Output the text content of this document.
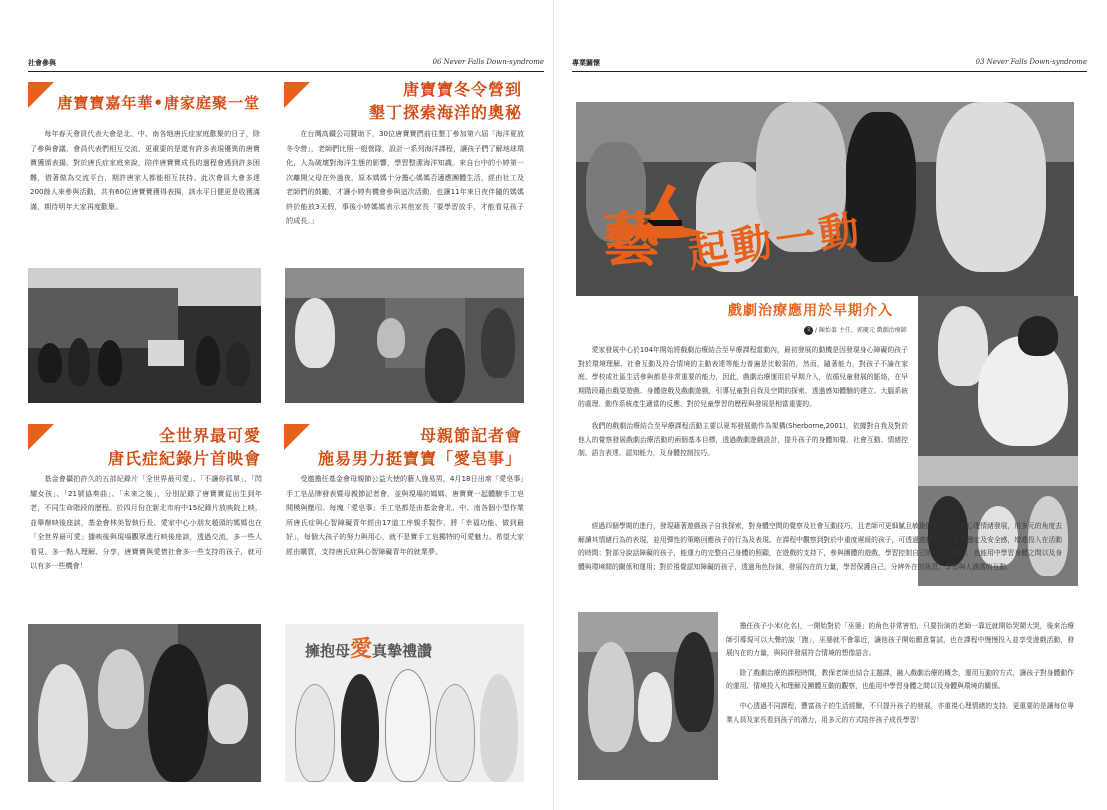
社會參與	06 Never Falls Down-syndrome
唐寶寶嘉年華•唐家庭聚一堂

每年春天會員代表大會是北、中、南各地唐氏症家庭歡聚的日子，除了參與會議、會員代表們相互交流、更重要的是還有許多表現優異的唐寶寶獲頒表揚。對於唐氏症家庭來說，陪伴唐寶寶成長的過程會遇到許多困難，借著做為交流平台，期許唐家人都能相互扶持。此次會員大會多達200餘人來參與活動，共有60位唐寶寶獲得表揚，該水平日健更是收獲滿滿，期待明年大家再度歡聚。

唐寶寶冬令營到
墾丁探索海洋的奧秘

在台灣高鐵公司贊助下，30位唐寶寶們前往墾丁參加第六屆「海洋夏放冬令營」，老師們比照一般營隊，設計一系列海洋課程，讓孩子們了解地球環化，人為破壞對海洋生態的影響，學習整潔海洋知識。來自台中的小婷第一次離開父母在外過夜，原本媽媽十分擔心媽媽否適應團體生活，經由社工及老師們的鼓勵，才讓小婷有機會參與這次活動，也讓11年來日夜伴隨的媽媽終於能放3天假，事後小婷媽媽表示其他家長「要學習放手，才能看見孩子的成長。」

全世界最可愛
唐氏症紀錄片首映會

基金會攝拍許久的五部紀錄片「全世界最可愛」、「不讓你孤單」、「閃耀女孩」、「21號協奏曲」、「未來之後」，分別記錄了唐寶寶從出生到年老，不同生命階段的歷程。於四月份在新北市府中15紀錄片放映院上映，並舉辦映後座談，基金會林美智執行長、愛家中心小朋友趙頭的媽媽也在「全世界最可愛」播映後與現場觀眾進行映後座談，透過交流，多一些人看見、多一點人理解、分享，唐寶寶與愛惜社會多一些支持的孩子，就可以有多一些機會！

母親節記者會
施易男力挺寶寶「愛皂事」

受邀擔任基金會母親節公益大使的藝人施易男，4月18日出席「愛皂事」手工皂品牌發表暨母親節記者會，並與現場的媽媽、唐寶寶一起體驗手工皂開模與壓印。每塊「愛皂事」手工皂都是由基金會北、中、南各個小型作業所唐氏症與心智障礙青年經由17道工序親手製作，將「幸福功能、做到最好」，每個大孩子的努力與用心，就不是寶手工皂獨特的可愛魅力。希望大家經由購買，支持唐氏症與心智障礙青年的就業夢。

擁抱母愛真摯禮讚
專業關懷	03 Never Falls Down-syndrome
藝 起動一動
戲劇治療應用於早期介入
文 / 陳怡蓁 主任、郭慶元 戲劇治療師

愛家發展中心於104年開始將戲劇治療結合至早療課程當動內，最初發展的動機是因發現身心障礙的孩子對於環境理解、社會互動及符合情境的主動表達等能力普遍是比較弱的，然而，隨著能力，對孩子不論在家庭、學校或社區生活參與都是非常重要的能力，因此，戲劇治療運用於早期介入，依循兒童發展的脈絡，在早期階段藉由戲耍遊戲、身體遊戲及戲劇遊戲，引導兒童對自我及空間的探索、透過感知體驗的建立、大腦系統的處理、動作系統產生適當的反應、對於兒童學習的歷程與發展是相當重要的。

我們的戲劇治療結合至早療課程活動主要以夏邦發展動作為架構(Sherborne,2001)，依據對自我及對於他人的覺察發展戲劇治療活動的兩個基本目標，透過戲劇遊戲設計，提升孩子的身體知覺、社會互動、情緒控制、語言表達、認知能力，及身體控制技巧。

經過四個學期的進行，發現藉著遊戲孩子自我探索，對身體空間的覺察及社會互動技巧，且老師可更細膩且敏銳的觀察孩子的心理情緒發展，用多元的角度去解讀其情緒行為的表現，並用彈性的策略回應孩子的行為及表現。在課程中觀察到對於中重度遲緩的孩子，可透過遊戲遊戲，提升穩定及安全感，增進投入在活動的時間；對部分說話障礙的孩子，能運力的完整自己身體的照顧，在遊戲的支持下，參與團體的遊戲，學習控制自己的每一個動作，也能用中學習身體之間以及身體與環境間的關係和運用；對於視覺認知障礙的孩子，透過角色扮演，發展內在的力量，學習保護自己，分辨外在的訊息，學習與人適當的互動。

擔任孩子小米(化名)，一開始對於「巫婆」的角色非常害怕，只要扮演的老師一靠近就開始哭鬧大哭，後來治療師引導現可以大聲的說「跑」，巫婆就不會靠近，讓他孩子開始願意嘗試，也在課程中慢慢投入並享受遊戲活動，發展內在的力量，與同伴發展符合情境的想像語言。

除了戲劇治療的課程時間，教保老師也結合主題課，融入戲劇治療的概念，運用互動的方式，讓孩子對身體動作的運用、情境投入和理解及團體互動的觀察，也能用中學習身體之間以及身體與環境的關係。

中心透過不同課程，豐富孩子的生活經驗，不只提升孩子的發展，亦重視心理情緒的支持，更重要的是讓每位專業人員及家長看到孩子的潛力，用多元的方式陪伴孩子成長學習！
